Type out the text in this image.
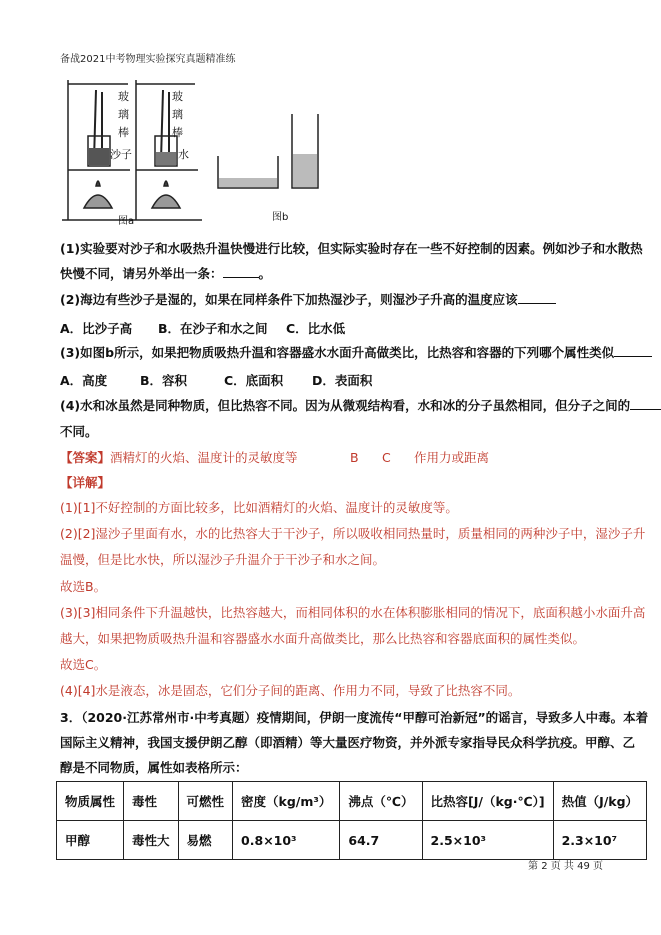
备战2021中考物理实验探究真题精准练
玻
璃
棒
沙子
玻
璃
棒
水
图a	图b
(1)实验要对沙子和水吸热升温快慢进行比较，但实际实验时存在一些不好控制的因素。例如沙子和水散热
快慢不同，请另外举出一条：	。
(2)海边有些沙子是湿的，如果在同样条件下加热湿沙子，则湿沙子升高的温度应该
A．比沙子高 B．在沙子和水之间 C．比水低
(3)如图b所示，如果把物质吸热升温和容器盛水水面升高做类比，比热容和容器的下列哪个属性类似
A．高度	B．容积	C．底面积 D．表面积
(4)水和冰虽然是同种物质，但比热容不同。因为从微观结构看，水和冰的分子虽然相同，但分子之间的
不同。
【答案】酒精灯的火焰、温度计的灵敏度等	B C 作用力或距离
【详解】
(1)[1]不好控制的方面比较多，比如酒精灯的火焰、温度计的灵敏度等。
(2)[2]湿沙子里面有水，水的比热容大于干沙子，所以吸收相同热量时，质量相同的两种沙子中，湿沙子升
温慢，但是比水快，所以湿沙子升温介于干沙子和水之间。
故选B。
(3)[3]相同条件下升温越快，比热容越大，而相同体积的水在体积膨胀相同的情况下，底面积越小水面升高
越大，如果把物质吸热升温和容器盛水水面升高做类比，那么比热容和容器底面积的属性类似。
故选C。
(4)[4]水是液态，冰是固态，它们分子间的距离、作用力不同，导致了比热容不同。
3．（2020·江苏常州市·中考真题）疫情期间，伊朗一度流传“甲醇可治新冠”的谣言，导致多人中毒。本着
国际主义精神，我国支援伊朗乙醇（即酒精）等大量医疗物资，并外派专家指导民众科学抗疫。甲醇、乙
醇是不同物质，属性如表格所示：
物质属性	毒性	可燃性	密度（kg/m³）	沸点（℃）	比热容[J/（kg·℃）]	热值（J/kg）
甲醇	毒性大	易燃	0.8×10³	64.7	2.5×10³	2.3×10⁷
第 2 页 共 49 页
